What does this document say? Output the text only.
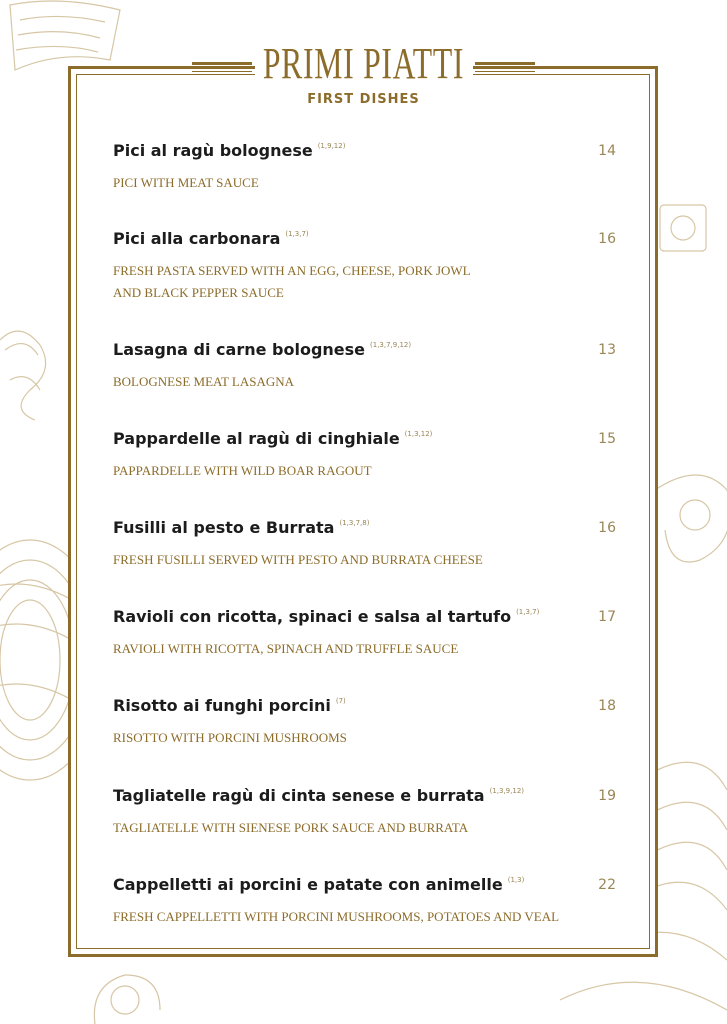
PRIMI PIATTI
FIRST DISHES
Pici al ragù bolognese $^{(1,9,12)}$	14
PICI WITH MEAT SAUCE
Pici alla carbonara $^{(1,3,7)}$	16
FRESH PASTA SERVED WITH AN EGG, CHEESE, PORK JOWL
AND BLACK PEPPER SAUCE
Lasagna di carne bolognese $^{(1,3,7,9,12)}$	13
BOLOGNESE MEAT LASAGNA
Pappardelle al ragù di cinghiale $^{(1,3,12)}$	15
PAPPARDELLE WITH WILD BOAR RAGOUT
Fusilli al pesto e Burrata $^{(1,3,7,8)}$	16
FRESH FUSILLI SERVED WITH PESTO AND BURRATA CHEESE
Ravioli con ricotta, spinaci e salsa al tartufo $^{(1,3,7)}$	17
RAVIOLI WITH RICOTTA, SPINACH AND TRUFFLE SAUCE
Risotto ai funghi porcini $^{(7)}$	18
RISOTTO WITH PORCINI MUSHROOMS
Tagliatelle ragù di cinta senese e burrata $^{(1,3,9,12)}$	19
TAGLIATELLE WITH SIENESE PORK SAUCE AND BURRATA
Cappelletti ai porcini e patate con animelle $^{(1,3)}$	22
FRESH CAPPELLETTI WITH PORCINI MUSHROOMS, POTATOES AND VEAL
